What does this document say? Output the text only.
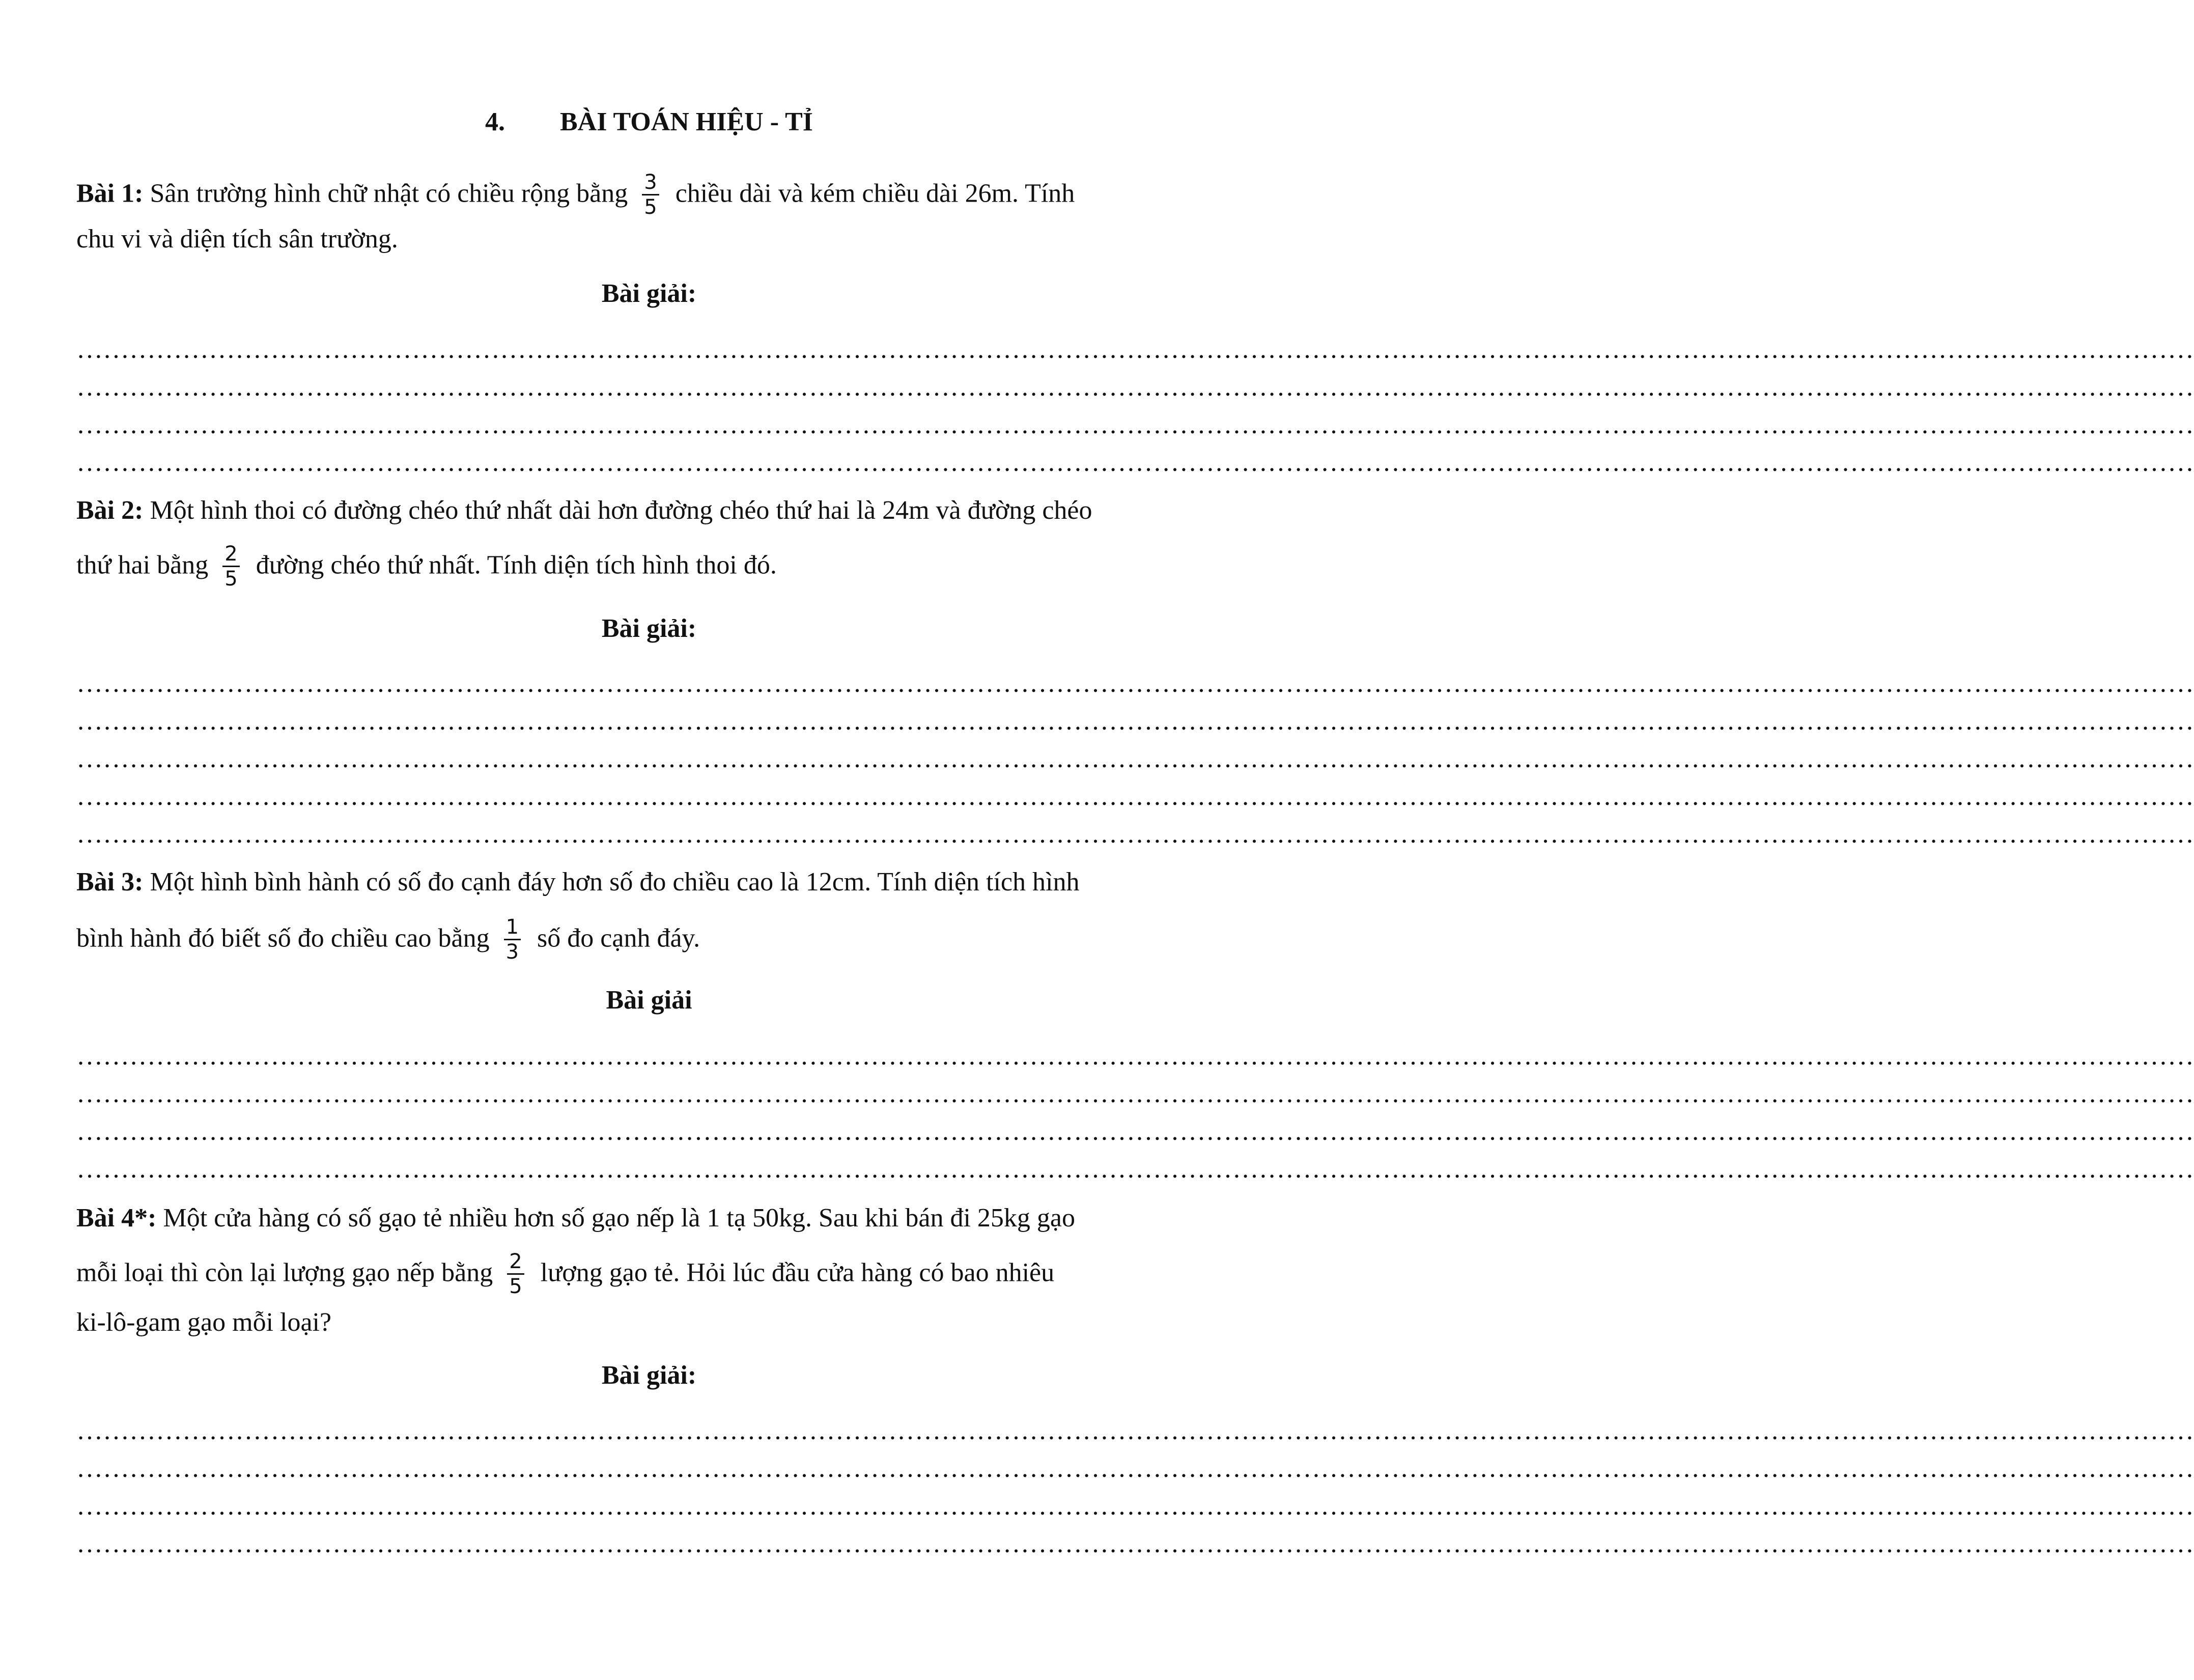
4. BÀI TOÁN HIỆU - TỈ
Bài 1: Sân trường hình chữ nhật có chiều rộng bằng $\frac{3}{5}$ chiều dài và kém chiều dài 26m. Tính
chu vi và diện tích sân trường.
Bài giải:
……………………………………………………………………………………………………………………………………………………………………………………………………………………
……………………………………………………………………………………………………………………………………………………………………………………………………………………
……………………………………………………………………………………………………………………………………………………………………………………………………………………
……………………………………………………………………………………………………………………………………………………………………………………………………………………
Bài 2: Một hình thoi có đường chéo thứ nhất dài hơn đường chéo thứ hai là 24m và đường chéo
thứ hai bằng $\frac{2}{5}$ đường chéo thứ nhất. Tính diện tích hình thoi đó.
Bài giải:
……………………………………………………………………………………………………………………………………………………………………………………………………………………
……………………………………………………………………………………………………………………………………………………………………………………………………………………
……………………………………………………………………………………………………………………………………………………………………………………………………………………
……………………………………………………………………………………………………………………………………………………………………………………………………………………
……………………………………………………………………………………………………………………………………………………………………………………………………………………
Bài 3: Một hình bình hành có số đo cạnh đáy hơn số đo chiều cao là 12cm. Tính diện tích hình
bình hành đó biết số đo chiều cao bằng $\frac{1}{3}$ số đo cạnh đáy.
Bài giải
……………………………………………………………………………………………………………………………………………………………………………………………………………………
……………………………………………………………………………………………………………………………………………………………………………………………………………………
……………………………………………………………………………………………………………………………………………………………………………………………………………………
……………………………………………………………………………………………………………………………………………………………………………………………………………………
Bài 4*: Một cửa hàng có số gạo tẻ nhiều hơn số gạo nếp là 1 tạ 50kg. Sau khi bán đi 25kg gạo
mỗi loại thì còn lại lượng gạo nếp bằng $\frac{2}{5}$ lượng gạo tẻ. Hỏi lúc đầu cửa hàng có bao nhiêu
ki-lô-gam gạo mỗi loại?
Bài giải:
……………………………………………………………………………………………………………………………………………………………………………………………………………………
……………………………………………………………………………………………………………………………………………………………………………………………………………………
……………………………………………………………………………………………………………………………………………………………………………………………………………………
……………………………………………………………………………………………………………………………………………………………………………………………………………………
